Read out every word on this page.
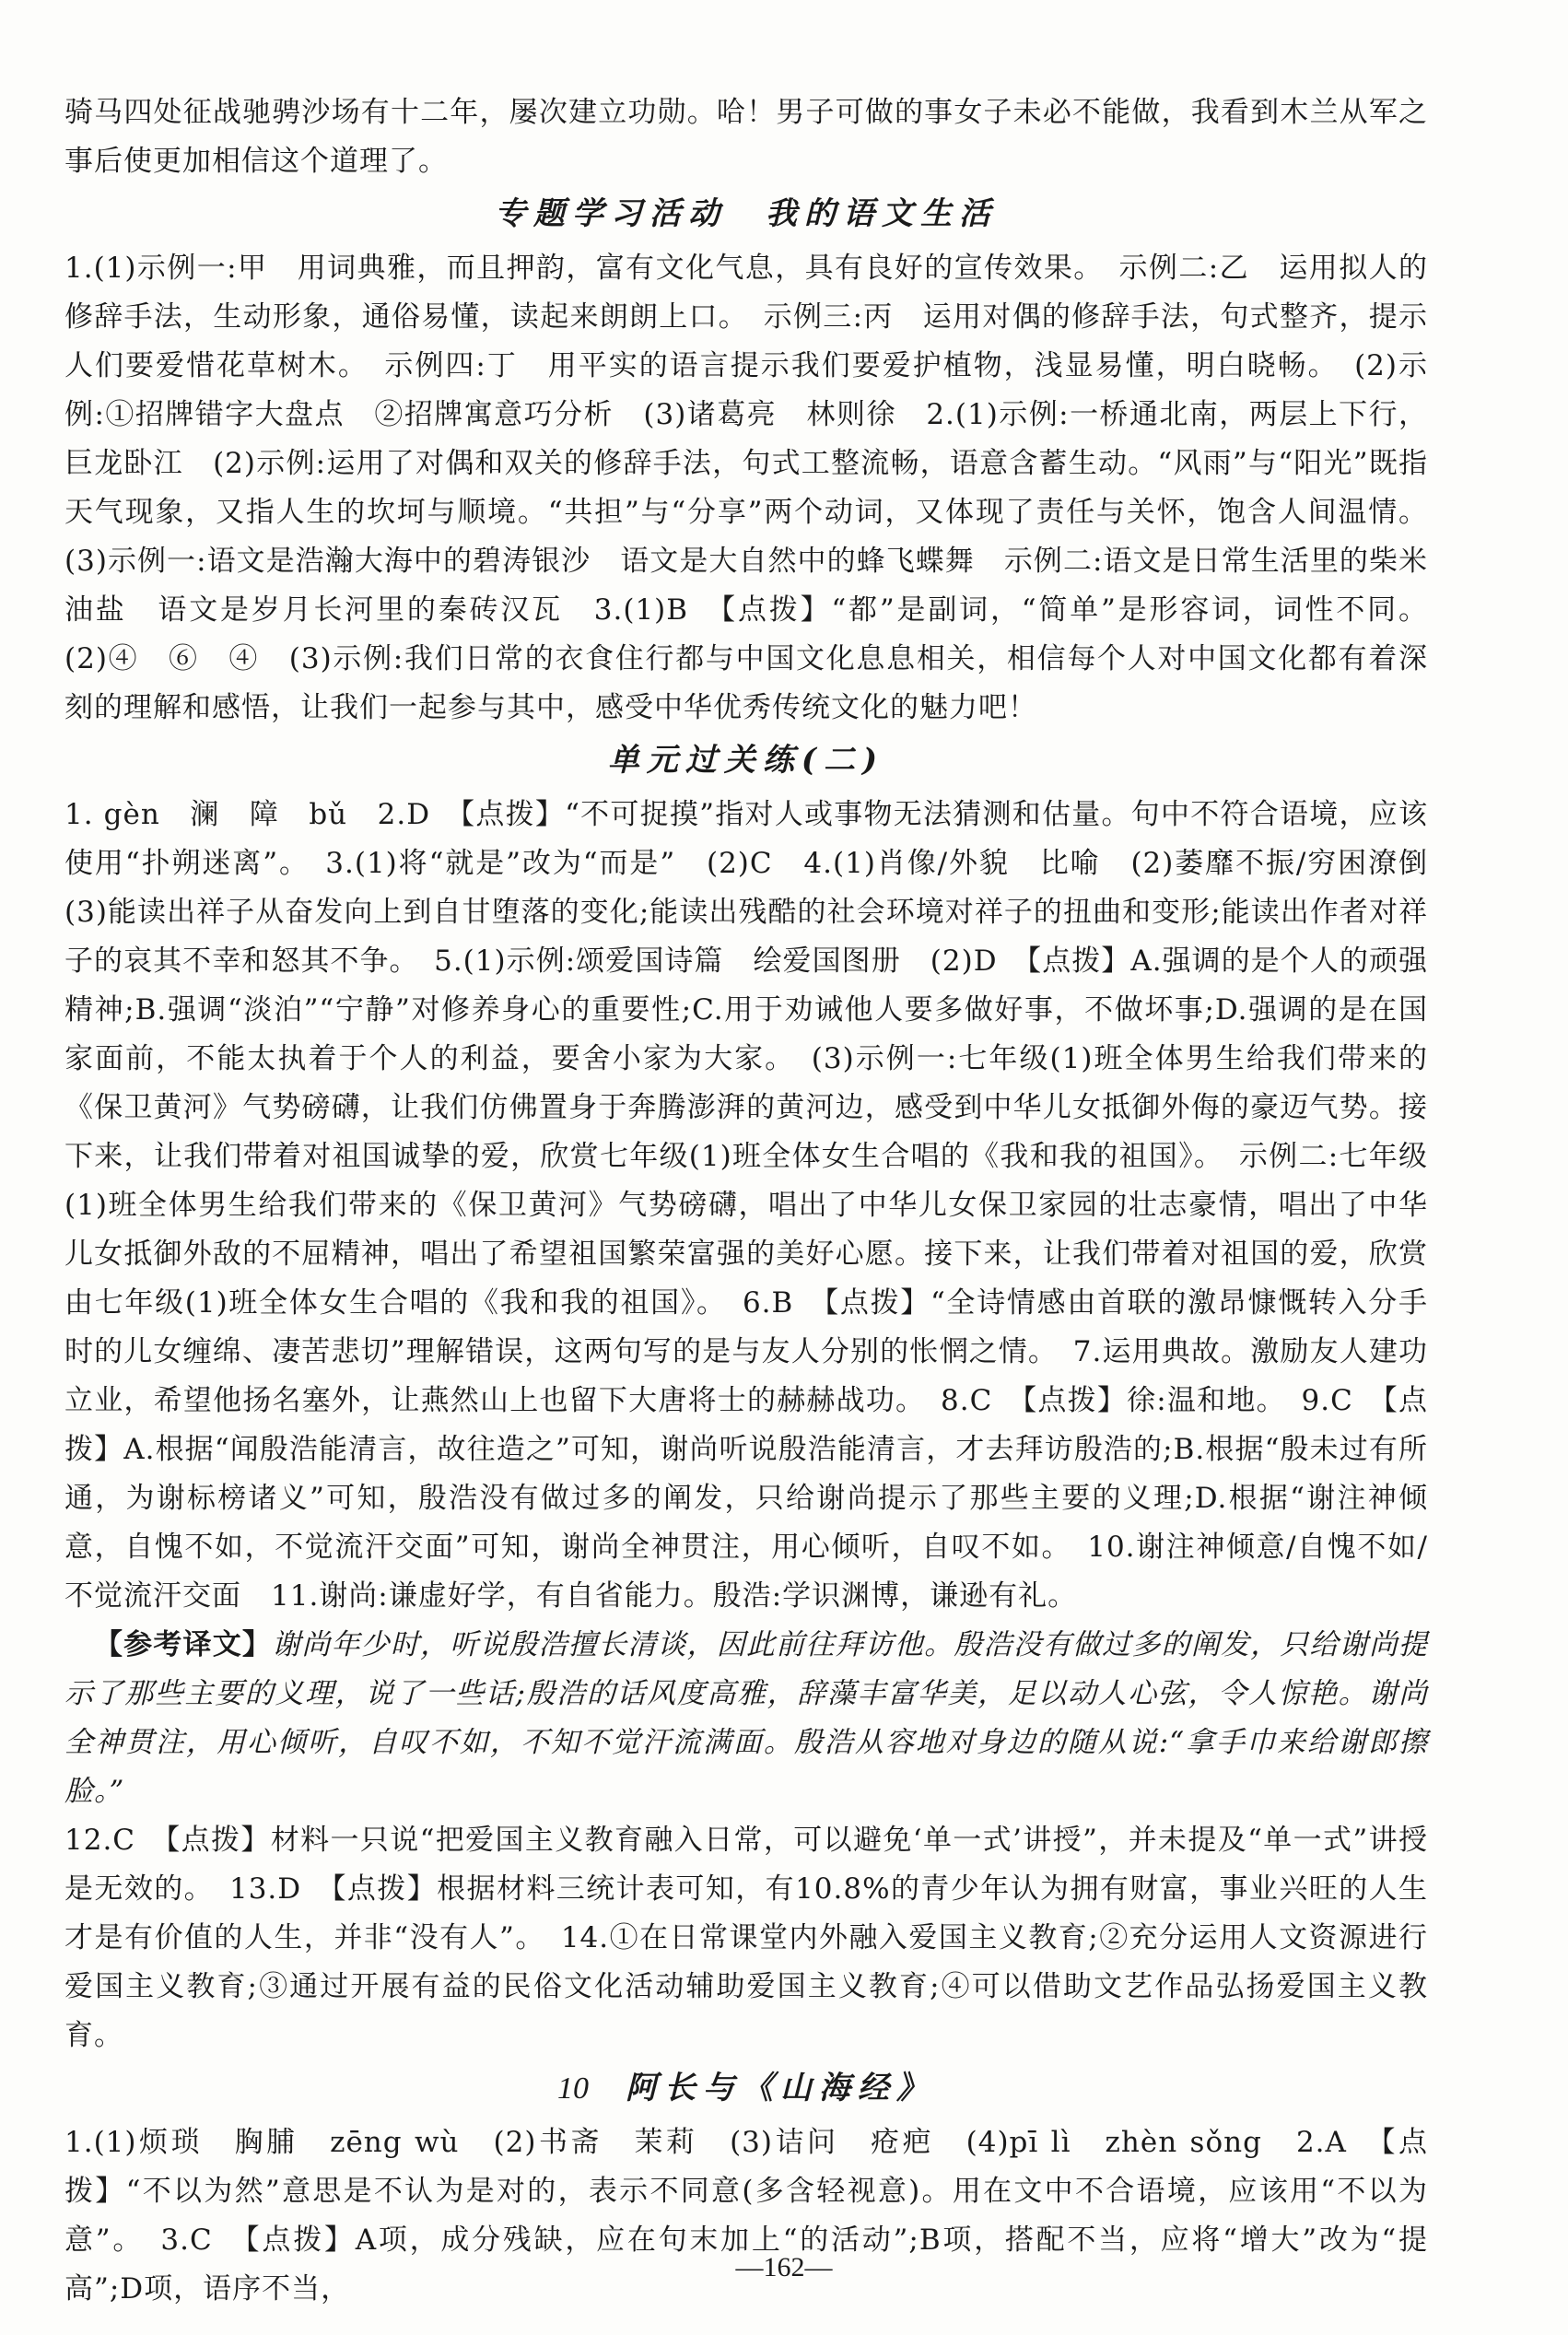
骑马四处征战驰骋沙场有十二年，屡次建立功勋。哈！男子可做的事女子未必不能做，我看到木兰从军之事后使更加相信这个道理了。

专题学习活动　我的语文生活

1.(1)示例一:甲　用词典雅，而且押韵，富有文化气息，具有良好的宣传效果。　示例二:乙　运用拟人的修辞手法，生动形象，通俗易懂，读起来朗朗上口。　示例三:丙　运用对偶的修辞手法，句式整齐，提示人们要爱惜花草树木。　示例四:丁　用平实的语言提示我们要爱护植物，浅显易懂，明白晓畅。　(2)示例:①招牌错字大盘点　②招牌寓意巧分析　(3)诸葛亮　林则徐　2.(1)示例:一桥通北南，两层上下行，巨龙卧江　(2)示例:运用了对偶和双关的修辞手法，句式工整流畅，语意含蓄生动。“风雨”与“阳光”既指天气现象，又指人生的坎坷与顺境。“共担”与“分享”两个动词，又体现了责任与关怀，饱含人间温情。(3)示例一:语文是浩瀚大海中的碧涛银沙　语文是大自然中的蜂飞蝶舞　示例二:语文是日常生活里的柴米油盐　语文是岁月长河里的秦砖汉瓦　3.(1)B　【点拨】“都”是副词，“简单”是形容词，词性不同。(2)④　⑥　④　(3)示例:我们日常的衣食住行都与中国文化息息相关，相信每个人对中国文化都有着深刻的理解和感悟，让我们一起参与其中，感受中华优秀传统文化的魅力吧！

单元过关练(二)

1. gèn　澜　障　bǔ　2.D　【点拨】“不可捉摸”指对人或事物无法猜测和估量。句中不符合语境，应该使用“扑朔迷离”。　3.(1)将“就是”改为“而是”　(2)C　4.(1)肖像/外貌　比喻　(2)萎靡不振/穷困潦倒　(3)能读出祥子从奋发向上到自甘堕落的变化;能读出残酷的社会环境对祥子的扭曲和变形;能读出作者对祥子的哀其不幸和怒其不争。　5.(1)示例:颂爱国诗篇　绘爱国图册　(2)D　【点拨】A.强调的是个人的顽强精神;B.强调“淡泊”“宁静”对修养身心的重要性;C.用于劝诫他人要多做好事，不做坏事;D.强调的是在国家面前，不能太执着于个人的利益，要舍小家为大家。　(3)示例一:七年级(1)班全体男生给我们带来的《保卫黄河》气势磅礴，让我们仿佛置身于奔腾澎湃的黄河边，感受到中华儿女抵御外侮的豪迈气势。接下来，让我们带着对祖国诚挚的爱，欣赏七年级(1)班全体女生合唱的《我和我的祖国》。　示例二:七年级(1)班全体男生给我们带来的《保卫黄河》气势磅礴，唱出了中华儿女保卫家园的壮志豪情，唱出了中华儿女抵御外敌的不屈精神，唱出了希望祖国繁荣富强的美好心愿。接下来，让我们带着对祖国的爱，欣赏由七年级(1)班全体女生合唱的《我和我的祖国》。　6.B　【点拨】“全诗情感由首联的激昂慷慨转入分手时的儿女缠绵、凄苦悲切”理解错误，这两句写的是与友人分别的怅惘之情。　7.运用典故。激励友人建功立业，希望他扬名塞外，让燕然山上也留下大唐将士的赫赫战功。　8.C　【点拨】徐:温和地。　9.C　【点拨】A.根据“闻殷浩能清言，故往造之”可知，谢尚听说殷浩能清言，才去拜访殷浩的;B.根据“殷未过有所通，为谢标榜诸义”可知，殷浩没有做过多的阐发，只给谢尚提示了那些主要的义理;D.根据“谢注神倾意，自愧不如，不觉流汗交面”可知，谢尚全神贯注，用心倾听，自叹不如。　10.谢注神倾意/自愧不如/不觉流汗交面　11.谢尚:谦虚好学，有自省能力。殷浩:学识渊博，谦逊有礼。

【参考译文】谢尚年少时，听说殷浩擅长清谈，因此前往拜访他。殷浩没有做过多的阐发，只给谢尚提示了那些主要的义理，说了一些话;殷浩的话风度高雅，辞藻丰富华美，足以动人心弦，令人惊艳。谢尚全神贯注，用心倾听，自叹不如，不知不觉汗流满面。殷浩从容地对身边的随从说:“拿手巾来给谢郎擦脸。”

12.C　【点拨】材料一只说“把爱国主义教育融入日常，可以避免‘单一式’讲授”，并未提及“单一式”讲授是无效的。　13.D　【点拨】根据材料三统计表可知，有10.8%的青少年认为拥有财富，事业兴旺的人生才是有价值的人生，并非“没有人”。　14.①在日常课堂内外融入爱国主义教育;②充分运用人文资源进行爱国主义教育;③通过开展有益的民俗文化活动辅助爱国主义教育;④可以借助文艺作品弘扬爱国主义教育。

10 阿长与《山海经》

1.(1)烦琐　胸脯　zēng wù　(2)书斋　茉莉　(3)诘问　疮疤　(4)pī lì　zhèn sǒng　2.A　【点拨】“不以为然”意思是不认为是对的，表示不同意(多含轻视意)。用在文中不合语境，应该用“不以为意”。　3.C　【点拨】A项，成分残缺，应在句末加上“的活动”;B项，搭配不当，应将“增大”改为“提高”;D项，语序不当，

—162—
